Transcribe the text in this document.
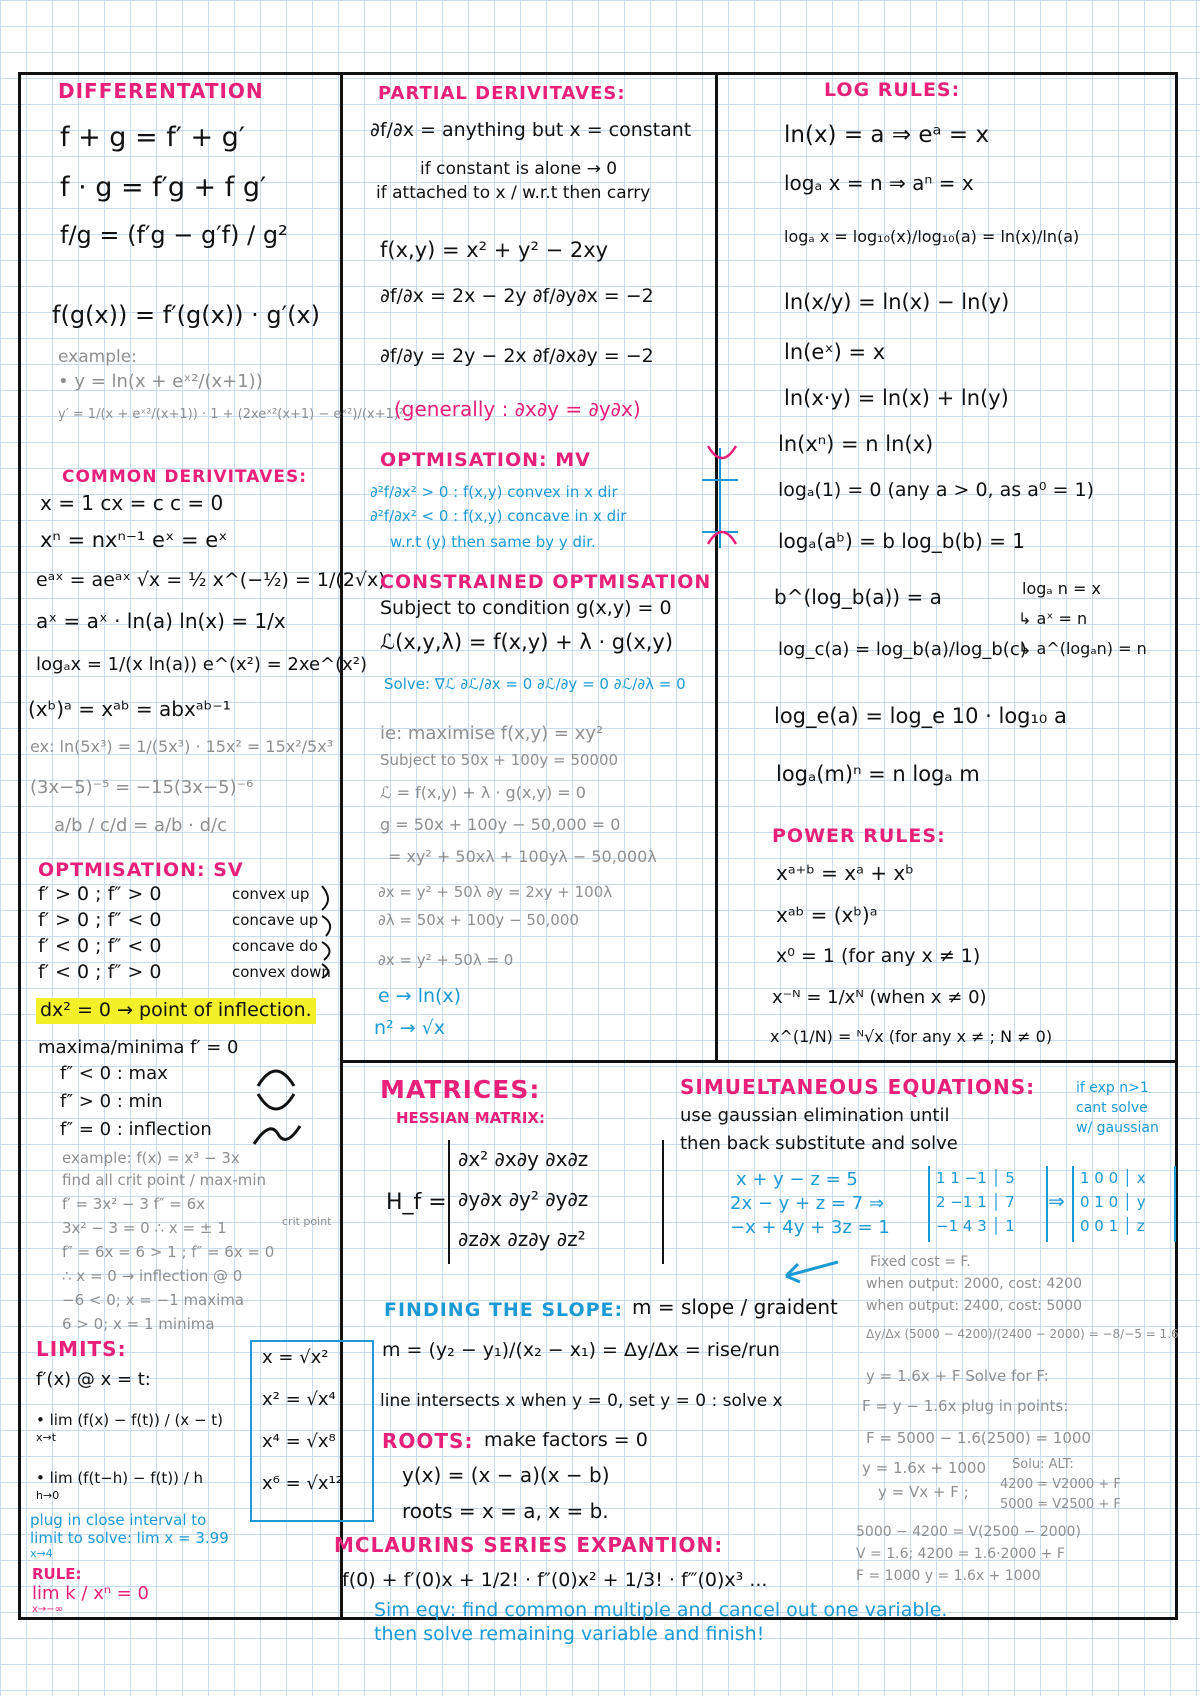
DIFFERENTATION
f + g = f′ + g′
f · g = f′g + f g′
f/g = (f′g − g′f) / g²
f(g(x)) = f′(g(x)) · g′(x)
example:
• y = ln(x + eˣ²/(x+1))
y′ = 1/(x + eˣ²/(x+1)) · 1 + (2xeˣ²(x+1) − eˣ²)/(x+1)²
COMMON DERIVITAVES:
x = 1 cx = c c = 0
xⁿ = nxⁿ⁻¹ eˣ = eˣ
eᵃˣ = aeᵃˣ √x = ½ x^(−½) = 1/(2√x)
aˣ = aˣ · ln(a) ln(x) = 1/x
logₐx = 1/(x ln(a)) e^(x²) = 2xe^(x²)
(xᵇ)ᵃ = xᵃᵇ = abxᵃᵇ⁻¹
ex: ln(5x³) = 1/(5x³) · 15x² = 15x²/5x³
(3x−5)⁻⁵ = −15(3x−5)⁻⁶
a/b / c/d = a/b · d/c
OPTMISATION: SV
f′ > 0 ; f″ > 0	convex up
f′ > 0 ; f″ < 0	concave up
f′ < 0 ; f″ < 0	concave do
f′ < 0 ; f″ > 0	convex down
dx² = 0 → point of inflection.
maxima/minima f′ = 0
f″ < 0 : max
f″ > 0 : min
f″ = 0 : inflection
example: f(x) = x³ − 3x
find all crit point / max-min
f′ = 3x² − 3 f″ = 6x
3x² − 3 = 0 ∴ x = ± 1	crit point
f″ = 6x = 6 > 1 ; f″ = 6x = 0
∴ x = 0 → inflection @ 0
−6 < 0; x = −1 maxima
6 > 0; x = 1 minima
LIMITS:
f′(x) @ x = t:
• lim (f(x) − f(t)) / (x − t)
x→t
• lim (f(t−h) − f(t)) / h
h→0
plug in close interval to
limit to solve: lim x = 3.99
x→4
RULE:
lim k / xⁿ = 0
x→−∞
x = √x²
x² = √x⁴
x⁴ = √x⁸
x⁶ = √x¹²
PARTIAL DERIVITAVES:
∂f/∂x = anything but x = constant
if constant is alone → 0
if attached to x / w.r.t then carry
f(x,y) = x² + y² − 2xy
∂f/∂x = 2x − 2y ∂f/∂y∂x = −2
∂f/∂y = 2y − 2x ∂f/∂x∂y = −2
(generally : ∂x∂y = ∂y∂x)
OPTMISATION: MV
∂²f/∂x² > 0 : f(x,y) convex in x dir
∂²f/∂x² < 0 : f(x,y) concave in x dir
w.r.t (y) then same by y dir.
CONSTRAINED OPTMISATION
Subject to condition g(x,y) = 0
ℒ(x,y,λ) = f(x,y) + λ · g(x,y)
Solve: ∇ℒ ∂ℒ/∂x = 0 ∂ℒ/∂y = 0 ∂ℒ/∂λ = 0
ie: maximise f(x,y) = xy²
Subject to 50x + 100y = 50000
ℒ = f(x,y) + λ · g(x,y) = 0
g = 50x + 100y − 50,000 = 0
= xy² + 50xλ + 100yλ − 50,000λ
∂x = y² + 50λ ∂y = 2xy + 100λ
∂λ = 50x + 100y − 50,000
∂x = y² + 50λ = 0
e → ln(x)
n² → √x
LOG RULES:
ln(x) = a ⇒ eᵃ = x
logₐ x = n ⇒ aⁿ = x
logₐ x = log₁₀(x)/log₁₀(a) = ln(x)/ln(a)
ln(x/y) = ln(x) − ln(y)
ln(eˣ) = x
ln(x·y) = ln(x) + ln(y)
ln(xⁿ) = n ln(x)
logₐ(1) = 0 (any a > 0, as a⁰ = 1)
logₐ(aᵇ) = b log_b(b) = 1
b^(log_b(a)) = a
log_c(a) = log_b(a)/log_b(c)
log_e(a) = log_e 10 · log₁₀ a
logₐ(m)ⁿ = n logₐ m
logₐ n = x
↳ aˣ = n
↳ a^(logₐn) = n
POWER RULES:
xᵃ⁺ᵇ = xᵃ + xᵇ
xᵃᵇ = (xᵇ)ᵃ
x⁰ = 1 (for any x ≠ 1)
x⁻ᴺ = 1/xᴺ (when x ≠ 0)
x^(1/N) = ᴺ√x (for any x ≠ ; N ≠ 0)
MATRICES:
HESSIAN MATRIX:
H_f =
∂x² ∂x∂y ∂x∂z
∂y∂x ∂y² ∂y∂z
∂z∂x ∂z∂y ∂z²
SIMUELTANEOUS EQUATIONS:
use gaussian elimination until
then back substitute and solve
if exp n>1
cant solve
w/ gaussian
x + y − z = 5
2x − y + z = 7 ⇒
−x + 4y + 3z = 1
1 1 −1 │ 5
2 −1 1 │ 7
−1 4 3 │ 1
⇒
1 0 0 │ x
0 1 0 │ y
0 0 1 │ z
FINDING THE SLOPE: m = slope / graident
m = (y₂ − y₁)/(x₂ − x₁) = Δy/Δx = rise/run
line intersects x when y = 0, set y = 0 : solve x
Fixed cost = F.
when output: 2000, cost: 4200
when output: 2400, cost: 5000
Δy/Δx (5000 − 4200)/(2400 − 2000) = −8/−5 = 1.6
y = 1.6x + F Solve for F:
F = y − 1.6x plug in points:
F = 5000 − 1.6(2500) = 1000
y = 1.6x + 1000
y = Vx + F ;
Solu: ALT:
4200 = V2000 + F
5000 = V2500 + F
5000 − 4200 = V(2500 − 2000)
V = 1.6; 4200 = 1.6·2000 + F
F = 1000 y = 1.6x + 1000
ROOTS: make factors = 0
y(x) = (x − a)(x − b)
roots = x = a, x = b.
MCLAURINS SERIES EXPANTION:
f(0) + f′(0)x + 1/2! · f″(0)x² + 1/3! · f‴(0)x³ ...
Sim eqv: find common multiple and cancel out one variable.
then solve remaining variable and finish!
